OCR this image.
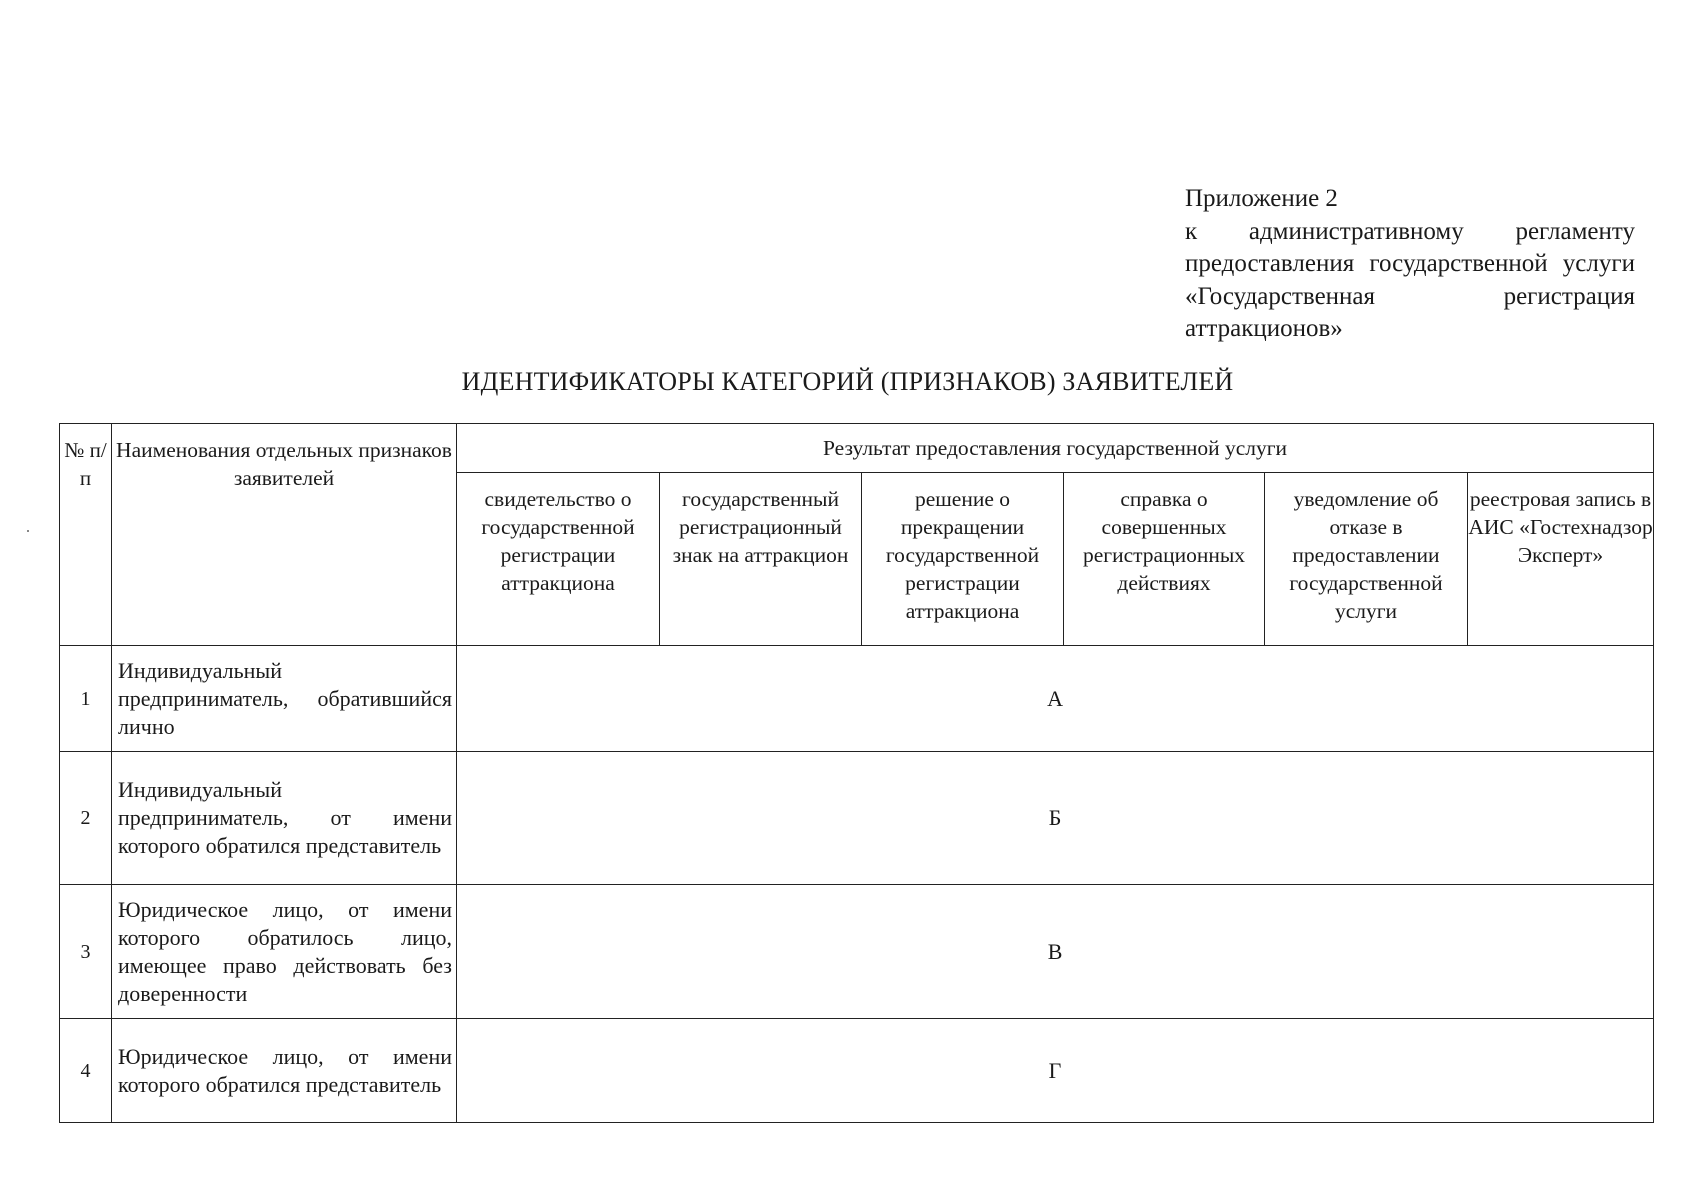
Приложение 2
к административному регламенту предоставления государственной услуги «Государственная регистрация аттракционов»
ИДЕНТИФИКАТОРЫ КАТЕГОРИЙ (ПРИЗНАКОВ) ЗАЯВИТЕЛЕЙ
№ п/п	Наименования отдельных признаков заявителей	Результат предоставления государственной услуги					
		свидетельство о государственной регистрации аттракциона	государственный регистрационный знак на аттракцион	решение о прекращении государственной регистрации аттракциона	справка о совершенных регистрационных действиях	уведомление об отказе в предоставлении государственной услуги	реестровая запись в АИС «Гостехнадзор Эксперт»
1	Индивидуальный предприниматель, обратившийся лично	А					
2	Индивидуальный предприниматель, от имени которого обратился представитель	Б					
3	Юридическое лицо, от имени которого обратилось лицо, имеющее право действовать без доверенности	В					
4	Юридическое лицо, от имени которого обратился представитель	Г					
